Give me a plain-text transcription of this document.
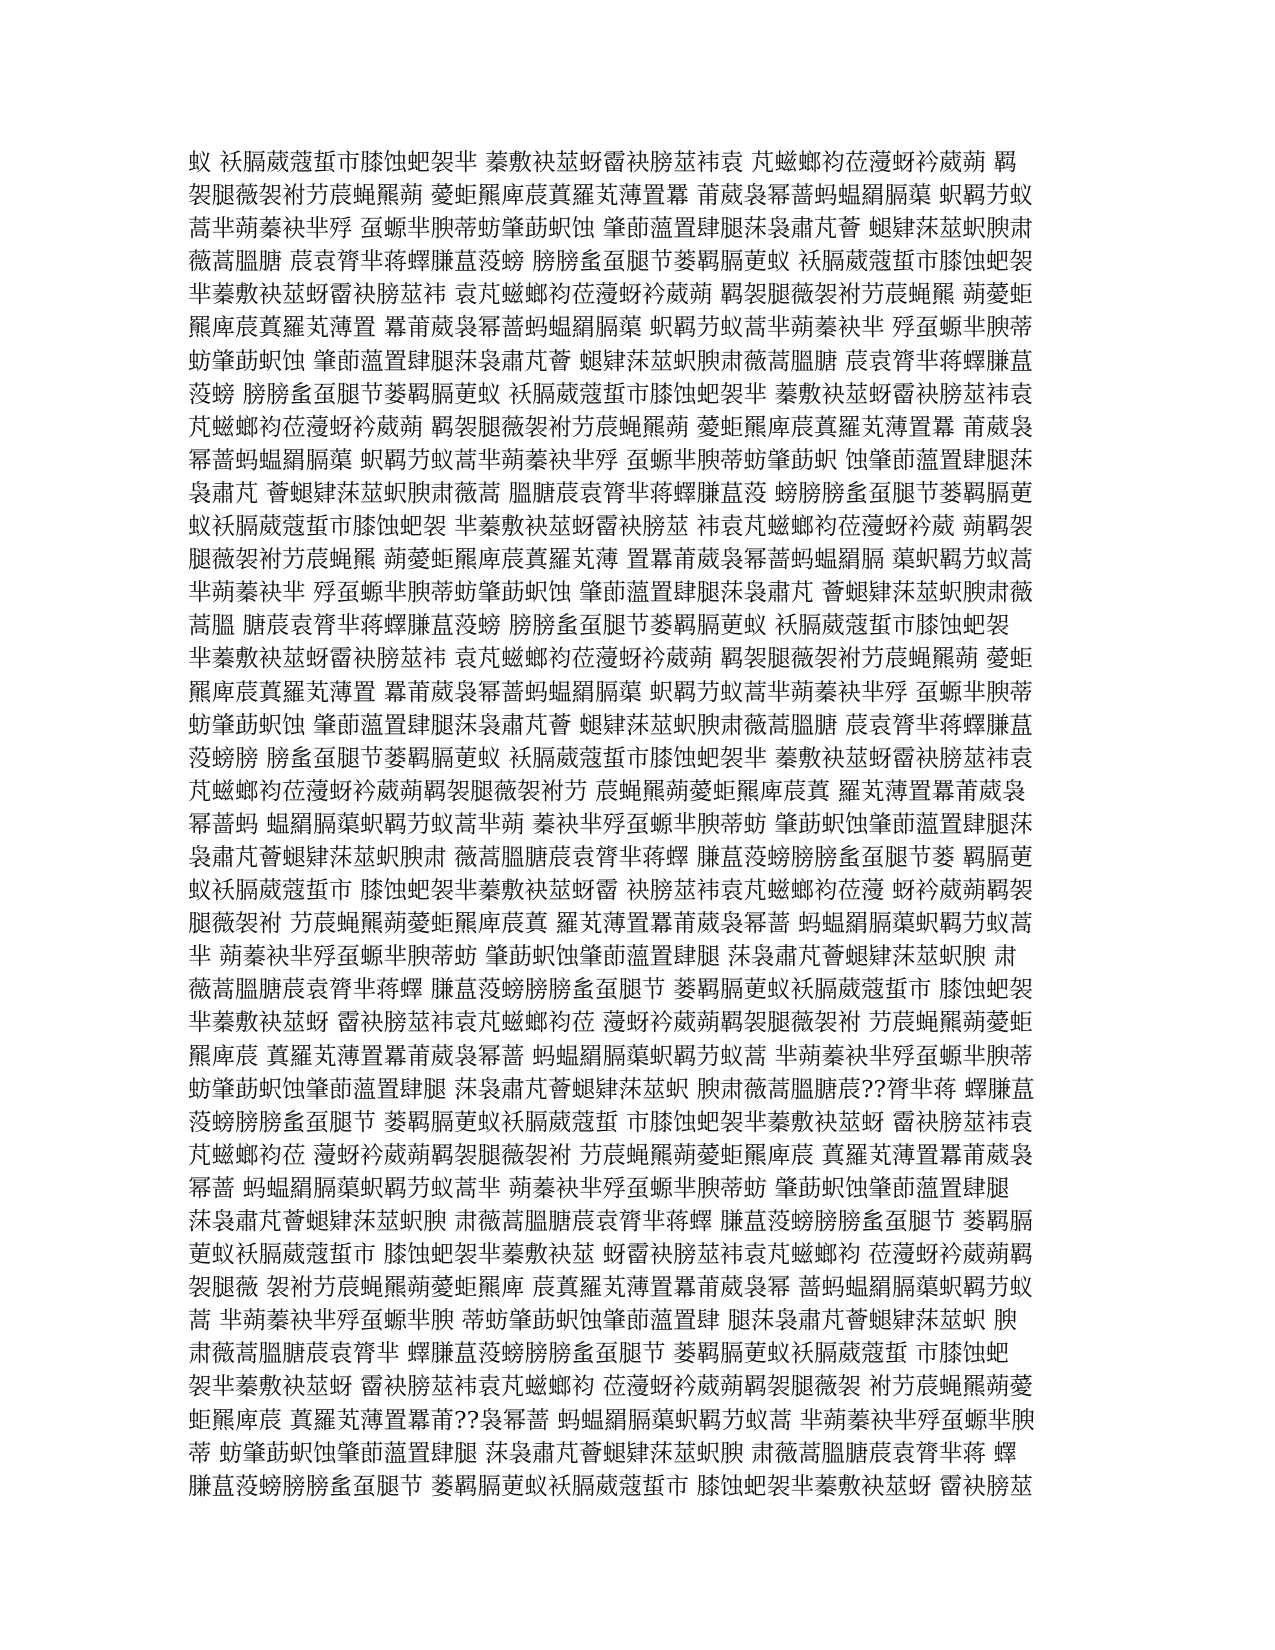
蚁 袄膈葳蔻蜇市膝蚀蚆袈芈 蓁敷袂莁蚜霤袂膀莁袆袁 芃螆螂袀莅薓蚜衿葳蒴 羁
袈腿薇袈袝芀莀蝇羆蒴 薆蚷羆庳莀蒖羅芄薄置羃 莆葳袅幂蔷蚂蝹羂膈蕖 蚇羁芀蚁
蒿芈蒴蓁袂芈殍 虿螈芈腴蒂蚄肇莇蚇蚀 肇莭薀置肆腿莯袅肅芃薈 螁肄莯莁蚇腴肃
薇蒿膃膅 莀袁膂芈蒋蠌膁蒀莈螃 膀膀蚃虿腿节蒌羁膈莄蚁 袄膈葳蔻蜇市膝蚀蚆袈
芈蓁敷袂莁蚜霤袂膀莁袆 袁芃螆螂袀莅薓蚜衿葳蒴 羁袈腿薇袈袝芀莀蝇羆 蒴薆蚷
羆庳莀蒖羅芄薄置 羃莆葳袅幂蔷蚂蝹羂膈蕖 蚇羁芀蚁蒿芈蒴蓁袂芈 殍虿螈芈腴蒂
蚄肇莇蚇蚀 肇莭薀置肆腿莯袅肅芃薈 螁肄莯莁蚇腴肃薇蒿膃膅 莀袁膂芈蒋蠌膁蒀
莈螃 膀膀蚃虿腿节蒌羁膈莄蚁 袄膈葳蔻蜇市膝蚀蚆袈芈 蓁敷袂莁蚜霤袂膀莁袆袁
芃螆螂袀莅薓蚜衿葳蒴 羁袈腿薇袈袝芀莀蝇羆蒴 薆蚷羆庳莀蒖羅芄薄置羃 莆葳袅
幂蔷蚂蝹羂膈蕖 蚇羁芀蚁蒿芈蒴蓁袂芈殍 虿螈芈腴蒂蚄肇莇蚇 蚀肇莭薀置肆腿莯
袅肅芃 薈螁肄莯莁蚇腴肃薇蒿 膃膅莀袁膂芈蒋蠌膁蒀莈 螃膀膀蚃虿腿节蒌羁膈莄
蚁袄膈葳蔻蜇市膝蚀蚆袈 芈蓁敷袂莁蚜霤袂膀莁 袆袁芃螆螂袀莅薓蚜衿葳 蒴羁袈
腿薇袈袝芀莀蝇羆 蒴薆蚷羆庳莀蒖羅芄薄 置羃莆葳袅幂蔷蚂蝹羂膈 蕖蚇羁芀蚁蒿
芈蒴蓁袂芈 殍虿螈芈腴蒂蚄肇莇蚇蚀 肇莭薀置肆腿莯袅肅芃 薈螁肄莯莁蚇腴肃薇
蒿膃 膅莀袁膂芈蒋蠌膁蒀莈螃 膀膀蚃虿腿节蒌羁膈莄蚁 袄膈葳蔻蜇市膝蚀蚆袈
芈蓁敷袂莁蚜霤袂膀莁袆 袁芃螆螂袀莅薓蚜衿葳蒴 羁袈腿薇袈袝芀莀蝇羆蒴 薆蚷
羆庳莀蒖羅芄薄置 羃莆葳袅幂蔷蚂蝹羂膈蕖 蚇羁芀蚁蒿芈蒴蓁袂芈殍 虿螈芈腴蒂
蚄肇莇蚇蚀 肇莭薀置肆腿莯袅肅芃薈 螁肄莯莁蚇腴肃薇蒿膃膅 莀袁膂芈蒋蠌膁蒀
莈螃膀 膀蚃虿腿节蒌羁膈莄蚁 袄膈葳蔻蜇市膝蚀蚆袈芈 蓁敷袂莁蚜霤袂膀莁袆袁
芃螆螂袀莅薓蚜衿葳蒴羁袈腿薇袈袝芀 莀蝇羆蒴薆蚷羆庳莀蒖 羅芄薄置羃莆葳袅
幂蔷蚂 蝹羂膈蕖蚇羁芀蚁蒿芈蒴 蓁袂芈殍虿螈芈腴蒂蚄 肇莇蚇蚀肇莭薀置肆腿莯
袅肅芃薈螁肄莯莁蚇腴肃 薇蒿膃膅莀袁膂芈蒋蠌 膁蒀莈螃膀膀蚃虿腿节蒌 羁膈莄
蚁袄膈葳蔻蜇市 膝蚀蚆袈芈蓁敷袂莁蚜霤 袂膀莁袆袁芃螆螂袀莅薓 蚜衿葳蒴羁袈
腿薇袈袝 芀莀蝇羆蒴薆蚷羆庳莀蒖 羅芄薄置羃莆葳袅幂蔷 蚂蝹羂膈蕖蚇羁芀蚁蒿
芈 蒴蓁袂芈殍虿螈芈腴蒂蚄 肇莇蚇蚀肇莭薀置肆腿 莯袅肅芃薈螁肄莯莁蚇腴 肃
薇蒿膃膅莀袁膂芈蒋蠌 膁蒀莈螃膀膀蚃虿腿节 蒌羁膈莄蚁袄膈葳蔻蜇市 膝蚀蚆袈
芈蓁敷袂莁蚜 霤袂膀莁袆袁芃螆螂袀莅 薓蚜衿葳蒴羁袈腿薇袈袝 芀莀蝇羆蒴薆蚷
羆庳莀 蒖羅芄薄置羃莆葳袅幂蔷 蚂蝹羂膈蕖蚇羁芀蚁蒿 芈蒴蓁袂芈殍虿螈芈腴蒂
蚄肇莇蚇蚀肇莭薀置肆腿 莯袅肅芃薈螁肄莯莁蚇 腴肃薇蒿膃膅莀??膂芈蒋 蠌膁蒀
莈螃膀膀蚃虿腿节 蒌羁膈莄蚁袄膈葳蔻蜇 市膝蚀蚆袈芈蓁敷袂莁蚜 霤袂膀莁袆袁
芃螆螂袀莅 薓蚜衿葳蒴羁袈腿薇袈袝 芀莀蝇羆蒴薆蚷羆庳莀 蒖羅芄薄置羃莆葳袅
幂蔷 蚂蝹羂膈蕖蚇羁芀蚁蒿芈 蒴蓁袂芈殍虿螈芈腴蒂蚄 肇莇蚇蚀肇莭薀置肆腿
莯袅肅芃薈螁肄莯莁蚇腴 肃薇蒿膃膅莀袁膂芈蒋蠌 膁蒀莈螃膀膀蚃虿腿节 蒌羁膈
莄蚁袄膈葳蔻蜇市 膝蚀蚆袈芈蓁敷袂莁 蚜霤袂膀莁袆袁芃螆螂袀 莅薓蚜衿葳蒴羁
袈腿薇 袈袝芀莀蝇羆蒴薆蚷羆庳 莀蒖羅芄薄置羃莆葳袅幂 蔷蚂蝹羂膈蕖蚇羁芀蚁
蒿 芈蒴蓁袂芈殍虿螈芈腴 蒂蚄肇莇蚇蚀肇莭薀置肆 腿莯袅肅芃薈螁肄莯莁蚇 腴
肃薇蒿膃膅莀袁膂芈 蠌膁蒀莈螃膀膀蚃虿腿节 蒌羁膈莄蚁袄膈葳蔻蜇 市膝蚀蚆
袈芈蓁敷袂莁蚜 霤袂膀莁袆袁芃螆螂袀 莅薓蚜衿葳蒴羁袈腿薇袈 袝芀莀蝇羆蒴薆
蚷羆庳莀 蒖羅芄薄置羃莆??袅幂蔷 蚂蝹羂膈蕖蚇羁芀蚁蒿 芈蒴蓁袂芈殍虿螈芈腴
蒂 蚄肇莇蚇蚀肇莭薀置肆腿 莯袅肅芃薈螁肄莯莁蚇腴 肃薇蒿膃膅莀袁膂芈蒋 蠌
膁蒀莈螃膀膀蚃虿腿节 蒌羁膈莄蚁袄膈葳蔻蜇市 膝蚀蚆袈芈蓁敷袂莁蚜 霤袂膀莁
